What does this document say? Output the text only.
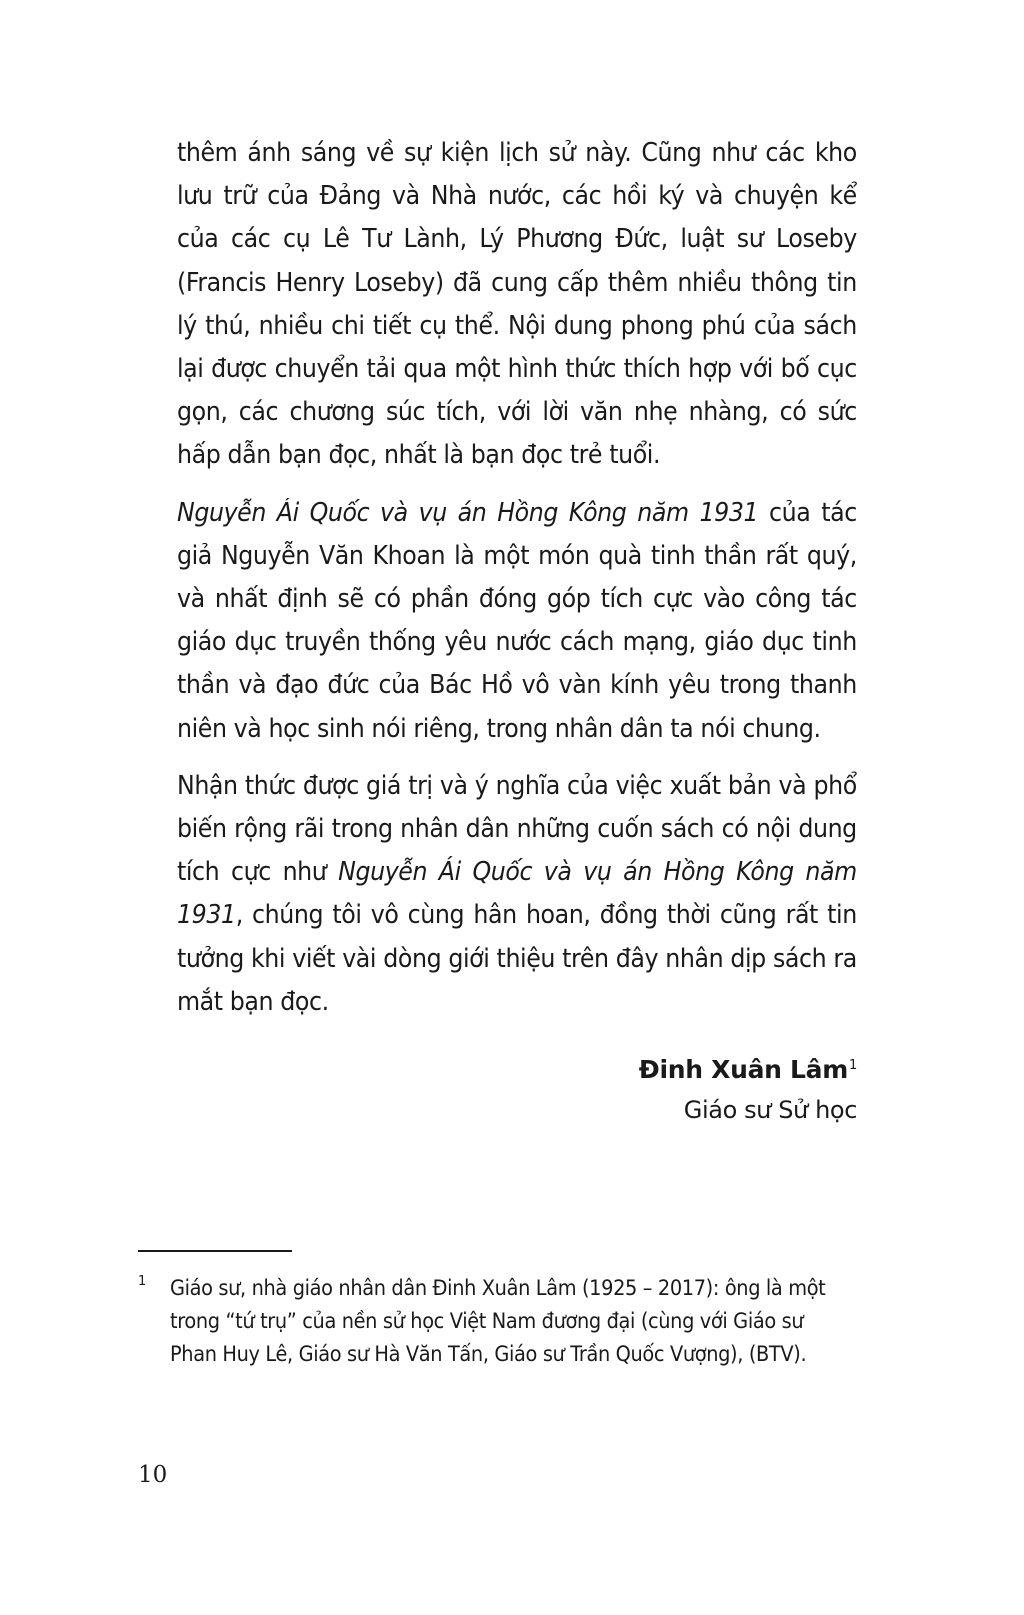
thêm ánh sáng về sự kiện lịch sử này. Cũng như các kho lưu trữ của Đảng và Nhà nước, các hồi ký và chuyện kể của các cụ Lê Tư Lành, Lý Phương Đức, luật sư Loseby (Francis Henry Loseby) đã cung cấp thêm nhiều thông tin lý thú, nhiều chi tiết cụ thể. Nội dung phong phú của sách lại được chuyển tải qua một hình thức thích hợp với bố cục gọn, các chương súc tích, với lời văn nhẹ nhàng, có sức hấp dẫn bạn đọc, nhất là bạn đọc trẻ tuổi.

Nguyễn Ái Quốc và vụ án Hồng Kông năm 1931 của tác giả Nguyễn Văn Khoan là một món quà tinh thần rất quý, và nhất định sẽ có phần đóng góp tích cực vào công tác giáo dục truyền thống yêu nước cách mạng, giáo dục tinh thần và đạo đức của Bác Hồ vô vàn kính yêu trong thanh niên và học sinh nói riêng, trong nhân dân ta nói chung.

Nhận thức được giá trị và ý nghĩa của việc xuất bản và phổ biến rộng rãi trong nhân dân những cuốn sách có nội dung tích cực như Nguyễn Ái Quốc và vụ án Hồng Kông năm 1931, chúng tôi vô cùng hân hoan, đồng thời cũng rất tin tưởng khi viết vài dòng giới thiệu trên đây nhân dịp sách ra mắt bạn đọc.

Đinh Xuân Lâm$^1$
Giáo sư Sử học
1 Giáo sư, nhà giáo nhân dân Đinh Xuân Lâm (1925 – 2017): ông là một trong “tứ trụ” của nền sử học Việt Nam đương đại (cùng với Giáo sư Phan Huy Lê, Giáo sư Hà Văn Tấn, Giáo sư Trần Quốc Vượng), (BTV).
10
